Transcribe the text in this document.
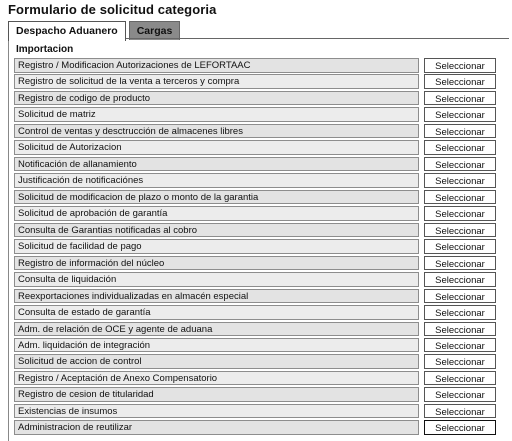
Formulario de solicitud categoria
Despacho Aduanero	Cargas
Importacion
Registro / Modificacion Autorizaciones de LEFORTAAC	Seleccionar
Registro de solicitud de la venta a terceros y compra	Seleccionar
Registro de codigo de producto	Seleccionar
Solicitud de matriz	Seleccionar
Control de ventas y desctrucción de almacenes libres	Seleccionar
Solicitud de Autorizacion	Seleccionar
Notificación de allanamiento	Seleccionar
Justificación de notificaciónes	Seleccionar
Solicitud de modificacion de plazo o monto de la garantia	Seleccionar
Solicitud de aprobación de garantía	Seleccionar
Consulta de Garantias notificadas al cobro	Seleccionar
Solicitud de facilidad de pago	Seleccionar
Registro de información del núcleo	Seleccionar
Consulta de liquidación	Seleccionar
Reexportaciones individualizadas en almacén especial	Seleccionar
Consulta de estado de garantía	Seleccionar
Adm. de relación de OCE y agente de aduana	Seleccionar
Adm. liquidación de integración	Seleccionar
Solicitud de accion de control	Seleccionar
Registro / Aceptación de Anexo Compensatorio	Seleccionar
Registro de cesion de titularidad	Seleccionar
Existencias de insumos	Seleccionar
Administracion de reutilizar	Seleccionar
